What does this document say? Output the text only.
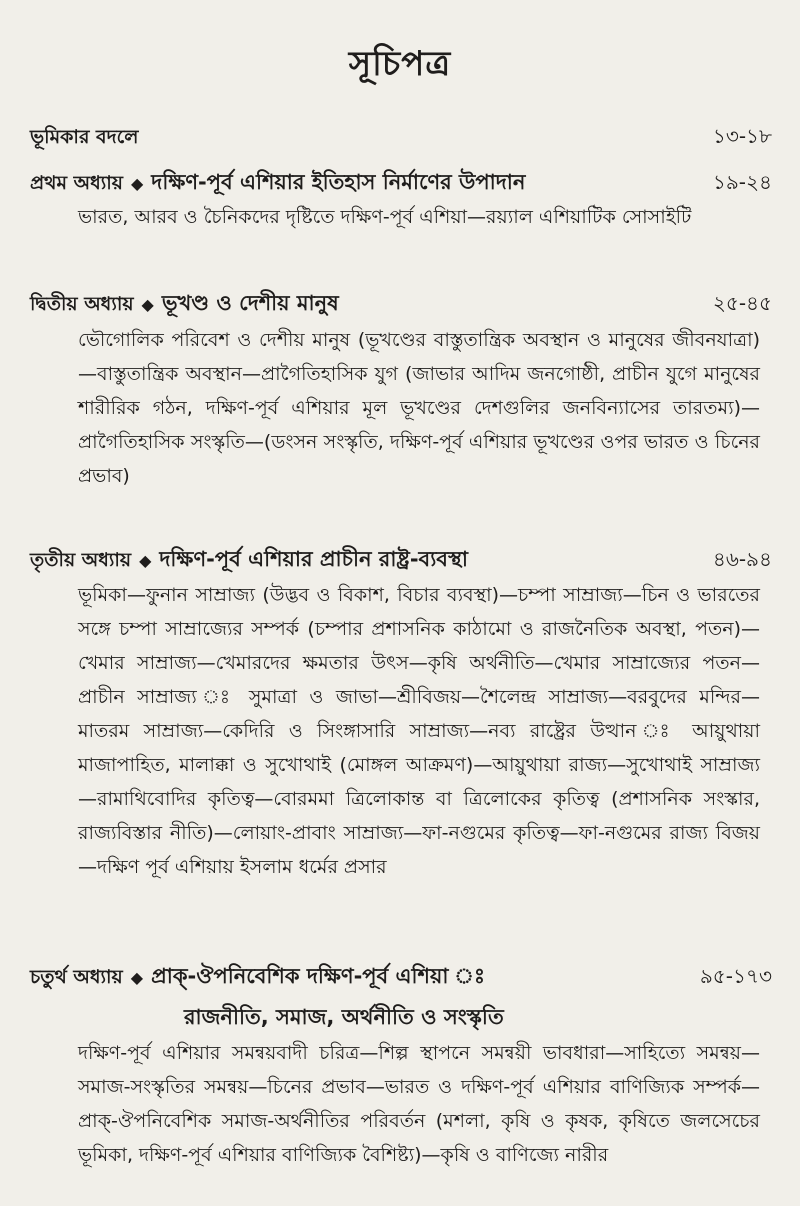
সূচিপত্র
ভূমিকার বদলে	১৩-১৮
প্রথম অধ্যায় ◆ দক্ষিণ-পূর্ব এশিয়ার ইতিহাস নির্মাণের উপাদান	১৯-২৪
ভারত, আরব ও চৈনিকদের দৃষ্টিতে দক্ষিণ-পূর্ব এশিয়া—রয়্যাল এশিয়াটিক সোসাইটি
দ্বিতীয় অধ্যায় ◆ ভূখণ্ড ও দেশীয় মানুষ	২৫-৪৫
ভৌগোলিক পরিবেশ ও দেশীয় মানুষ (ভূখণ্ডের বাস্তুতান্ত্রিক অবস্থান ও মানুষের জীবনযাত্রা)—বাস্তুতান্ত্রিক অবস্থান—প্রাগৈতিহাসিক যুগ (জাভার আদিম জনগোষ্ঠী, প্রাচীন যুগে মানুষের শারীরিক গঠন, দক্ষিণ-পূর্ব এশিয়ার মূল ভূখণ্ডের দেশগুলির জনবিন্যাসের তারতম্য)—প্রাগৈতিহাসিক সংস্কৃতি—(ডংসন সংস্কৃতি, দক্ষিণ-পূর্ব এশিয়ার ভূখণ্ডের ওপর ভারত ও চিনের প্রভাব)
তৃতীয় অধ্যায় ◆ দক্ষিণ-পূর্ব এশিয়ার প্রাচীন রাষ্ট্র-ব্যবস্থা	৪৬-৯৪
ভূমিকা—ফুনান সাম্রাজ্য (উদ্ভব ও বিকাশ, বিচার ব্যবস্থা)—চম্পা সাম্রাজ্য—চিন ও ভারতের সঙ্গে চম্পা সাম্রাজ্যের সম্পর্ক (চম্পার প্রশাসনিক কাঠামো ও রাজনৈতিক অবস্থা, পতন)—খেমার সাম্রাজ্য—খেমারদের ক্ষমতার উৎস—কৃষি অর্থনীতি—খেমার সাম্রাজ্যের পতন—প্রাচীন সাম্রাজ্য ঃ সুমাত্রা ও জাভা—শ্রীবিজয়—শৈলেন্দ্র সাম্রাজ্য—বরবুদের মন্দির—মাতরম সাম্রাজ্য—কেদিরি ও সিংঙ্গাসারি সাম্রাজ্য—নব্য রাষ্ট্রের উত্থান ঃ আয়ুথায়া মাজাপাহিত, মালাক্কা ও সুখোথাই (মোঙ্গল আক্রমণ)—আয়ুথায়া রাজ্য—সুখোথাই সাম্রাজ্য—রামাথিবোদির কৃতিত্ব—বোরমমা ত্রিলোকান্ত বা ত্রিলোকের কৃতিত্ব (প্রশাসনিক সংস্কার, রাজ্যবিস্তার নীতি)—লোয়াং-প্রাবাং সাম্রাজ্য—ফা-নগুমের কৃতিত্ব—ফা-নগুমের রাজ্য বিজয়—দক্ষিণ পূর্ব এশিয়ায় ইসলাম ধর্মের প্রসার
চতুর্থ অধ্যায় ◆ প্রাক্-ঔপনিবেশিক দক্ষিণ-পূর্ব এশিয়া ঃ	৯৫-১৭৩
রাজনীতি, সমাজ, অর্থনীতি ও সংস্কৃতি
দক্ষিণ-পূর্ব এশিয়ার সমন্বয়বাদী চরিত্র—শিল্প স্থাপনে সমন্বয়ী ভাবধারা—সাহিত্যে সমন্বয়—সমাজ-সংস্কৃতির সমন্বয়—চিনের প্রভাব—ভারত ও দক্ষিণ-পূর্ব এশিয়ার বাণিজ্যিক সম্পর্ক—প্রাক্-ঔপনিবেশিক সমাজ-অর্থনীতির পরিবর্তন (মশলা, কৃষি ও কৃষক, কৃষিতে জলসেচের ভূমিকা, দক্ষিণ-পূর্ব এশিয়ার বাণিজ্যিক বৈশিষ্ট্য)—কৃষি ও বাণিজ্যে নারীর
